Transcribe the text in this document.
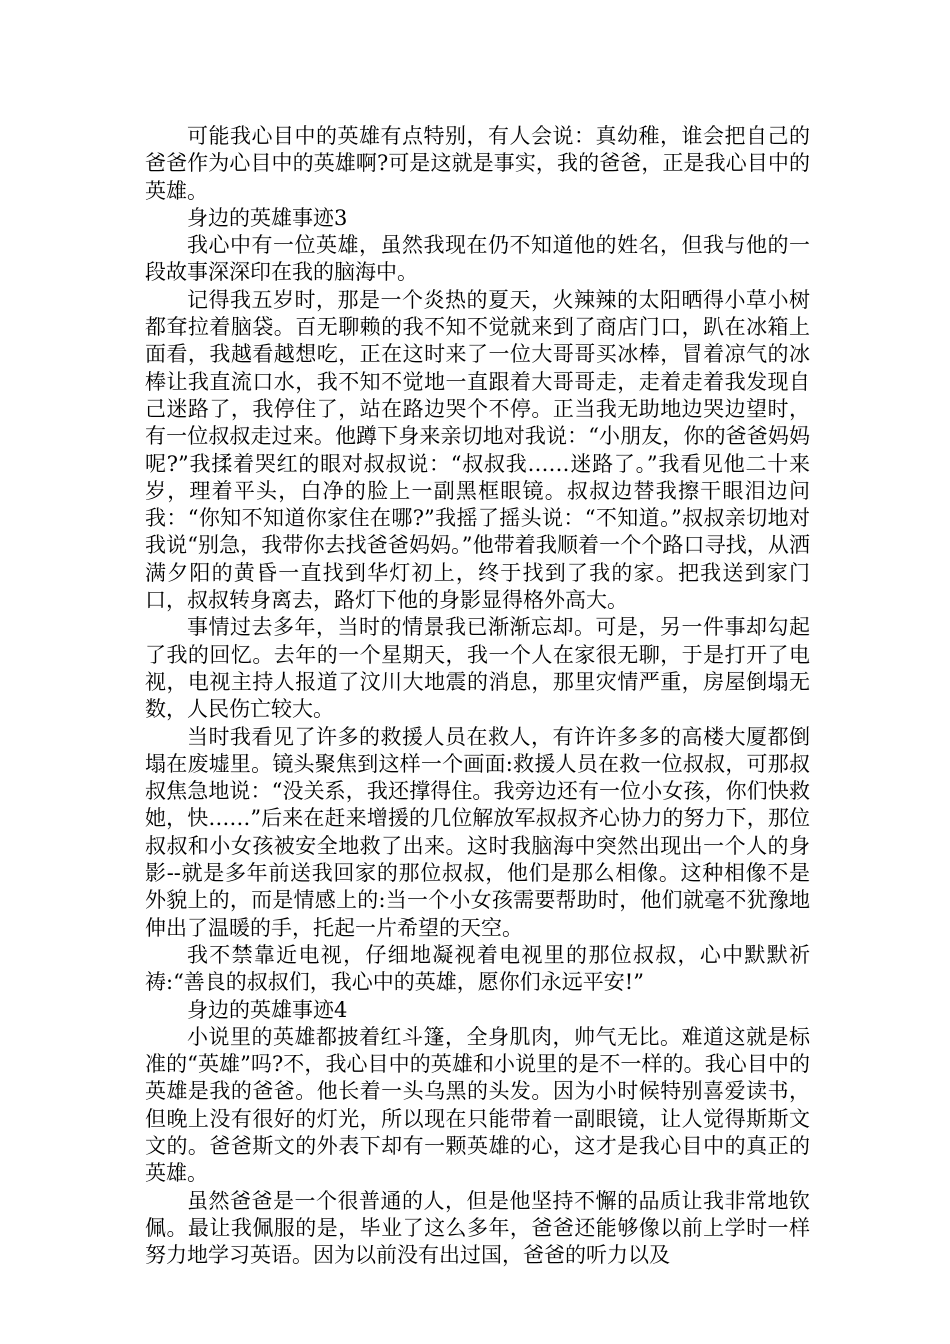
可能我心目中的英雄有点特别，有人会说：真幼稚，谁会把自己的爸爸作为心目中的英雄啊?可是这就是事实，我的爸爸，正是我心目中的英雄。

身边的英雄事迹3

我心中有一位英雄，虽然我现在仍不知道他的姓名，但我与他的一段故事深深印在我的脑海中。

记得我五岁时，那是一个炎热的夏天，火辣辣的太阳晒得小草小树都耷拉着脑袋。百无聊赖的我不知不觉就来到了商店门口，趴在冰箱上面看，我越看越想吃，正在这时来了一位大哥哥买冰棒，冒着凉气的冰棒让我直流口水，我不知不觉地一直跟着大哥哥走，走着走着我发现自己迷路了，我停住了，站在路边哭个不停。正当我无助地边哭边望时，有一位叔叔走过来。他蹲下身来亲切地对我说：“小朋友，你的爸爸妈妈呢?”我揉着哭红的眼对叔叔说：“叔叔我……迷路了。”我看见他二十来岁，理着平头，白净的脸上一副黑框眼镜。叔叔边替我擦干眼泪边问我：“你知不知道你家住在哪?”我摇了摇头说：“不知道。”叔叔亲切地对我说“别急，我带你去找爸爸妈妈。”他带着我顺着一个个路口寻找，从洒满夕阳的黄昏一直找到华灯初上，终于找到了我的家。把我送到家门口，叔叔转身离去，路灯下他的身影显得格外高大。

事情过去多年，当时的情景我已渐渐忘却。可是，另一件事却勾起了我的回忆。去年的一个星期天，我一个人在家很无聊，于是打开了电视，电视主持人报道了汶川大地震的消息，那里灾情严重，房屋倒塌无数，人民伤亡较大。

当时我看见了许多的救援人员在救人，有许许多多的高楼大厦都倒塌在废墟里。镜头聚焦到这样一个画面:救援人员在救一位叔叔，可那叔叔焦急地说：“没关系，我还撑得住。我旁边还有一位小女孩，你们快救她，快……”后来在赶来增援的几位解放军叔叔齐心协力的努力下，那位叔叔和小女孩被安全地救了出来。这时我脑海中突然出现出一个人的身影--就是多年前送我回家的那位叔叔，他们是那么相像。这种相像不是外貌上的，而是情感上的:当一个小女孩需要帮助时，他们就毫不犹豫地伸出了温暖的手，托起一片希望的天空。

我不禁靠近电视，仔细地凝视着电视里的那位叔叔，心中默默祈祷:“善良的叔叔们，我心中的英雄，愿你们永远平安!”

身边的英雄事迹4

小说里的英雄都披着红斗篷，全身肌肉，帅气无比。难道这就是标准的“英雄”吗?不，我心目中的英雄和小说里的是不一样的。我心目中的英雄是我的爸爸。他长着一头乌黑的头发。因为小时候特别喜爱读书，但晚上没有很好的灯光，所以现在只能带着一副眼镜，让人觉得斯斯文文的。爸爸斯文的外表下却有一颗英雄的心，这才是我心目中的真正的英雄。

虽然爸爸是一个很普通的人，但是他坚持不懈的品质让我非常地钦佩。最让我佩服的是，毕业了这么多年，爸爸还能够像以前上学时一样努力地学习英语。因为以前没有出过国，爸爸的听力以及
